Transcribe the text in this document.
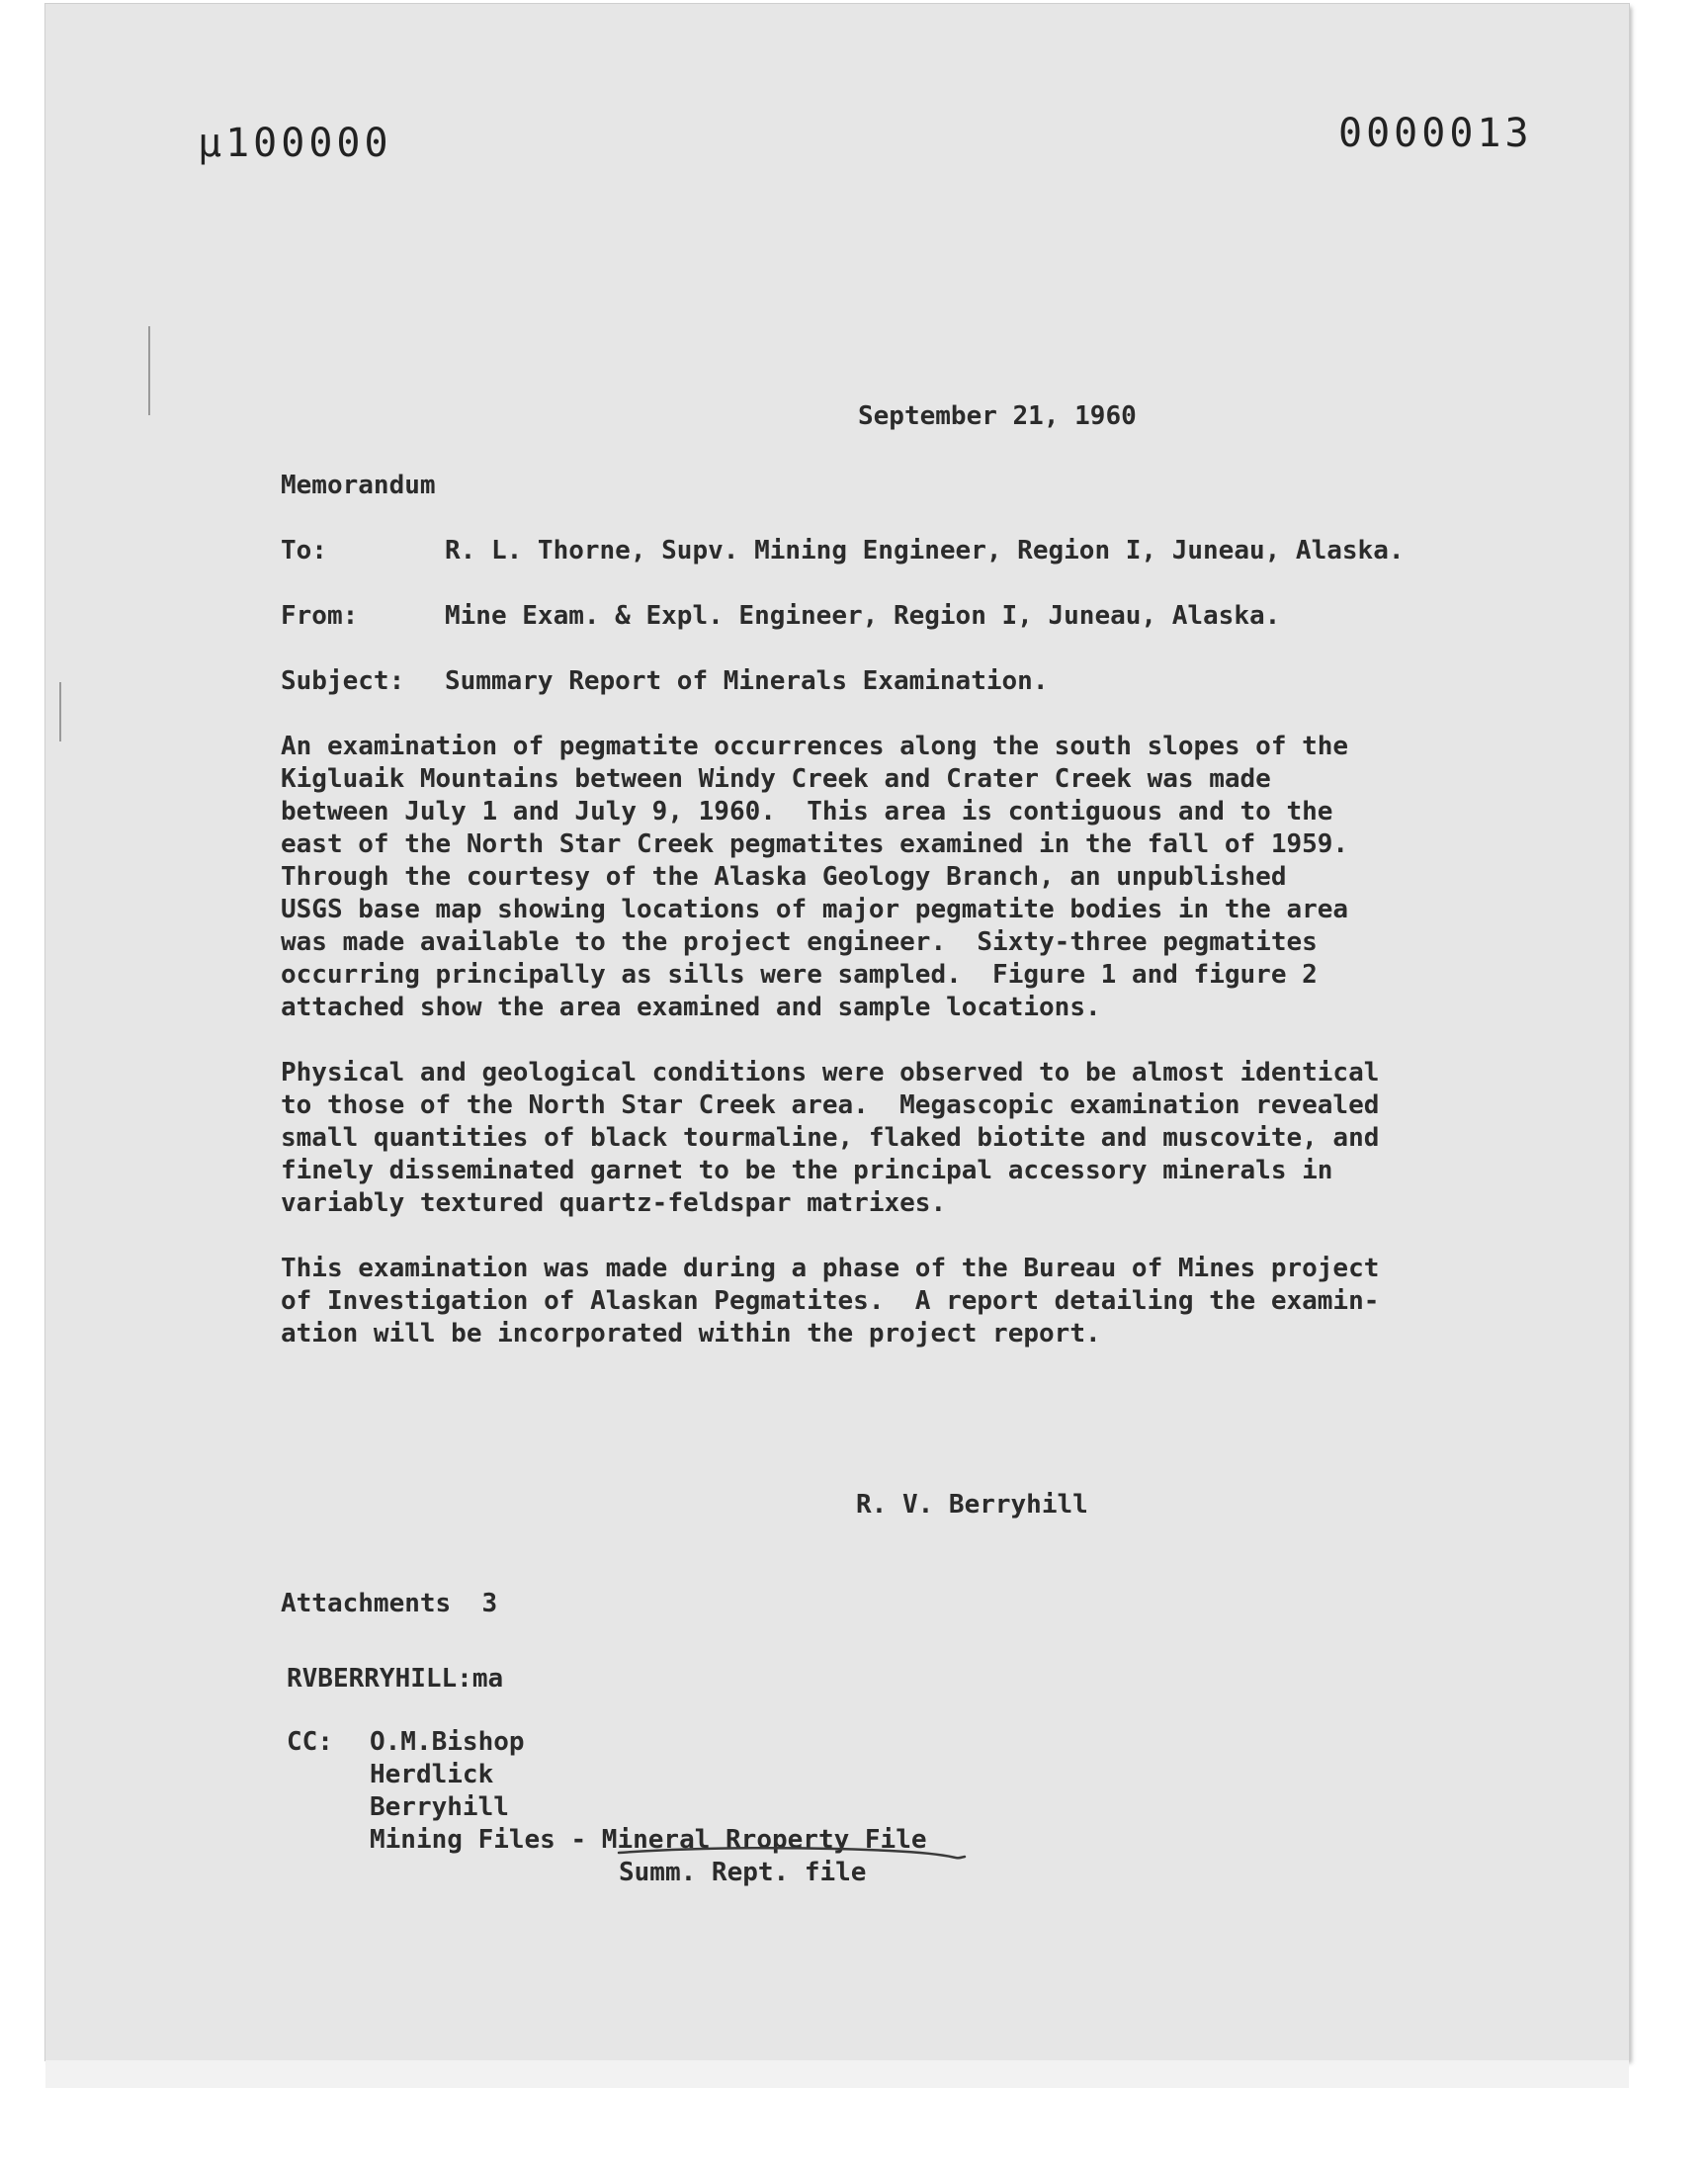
µ100000	0000013
September 21, 1960
Memorandum
To:	R. L. Thorne, Supv. Mining Engineer, Region I, Juneau, Alaska.
From:	Mine Exam. & Expl. Engineer, Region I, Juneau, Alaska.
Subject: Summary Report of Minerals Examination.

An examination of pegmatite occurrences along the south slopes of the
Kigluaik Mountains between Windy Creek and Crater Creek was made
between July 1 and July 9, 1960.  This area is contiguous and to the
east of the North Star Creek pegmatites examined in the fall of 1959.
Through the courtesy of the Alaska Geology Branch, an unpublished
USGS base map showing locations of major pegmatite bodies in the area
was made available to the project engineer.  Sixty-three pegmatites
occurring principally as sills were sampled.  Figure 1 and figure 2
attached show the area examined and sample locations.

Physical and geological conditions were observed to be almost identical
to those of the North Star Creek area.  Megascopic examination revealed
small quantities of black tourmaline, flaked biotite and muscovite, and
finely disseminated garnet to be the principal accessory minerals in
variably textured quartz-feldspar matrixes.

This examination was made during a phase of the Bureau of Mines project
of Investigation of Alaskan Pegmatites.  A report detailing the examin-
ation will be incorporated within the project report.

R. V. Berryhill
Attachments  3
RVBERRYHILL:ma
CC: O.M.Bishop
Herdlick
Berryhill
Mining Files - Mineral Rroperty File
Summ. Rept. file
